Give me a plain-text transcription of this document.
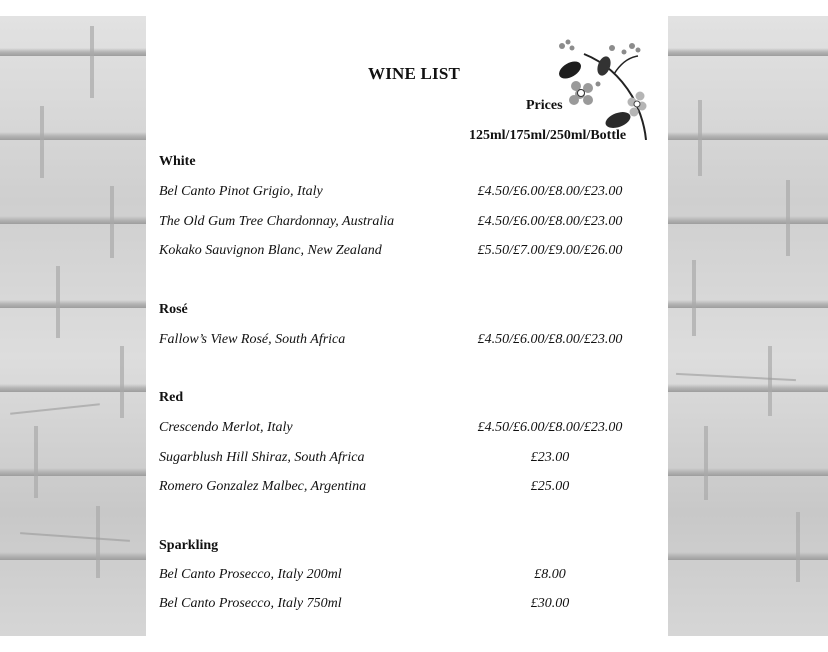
WINE LIST
Prices
125ml/175ml/250ml/Bottle
White
Bel Canto Pinot Grigio, Italy	£4.50/£6.00/£8.00/£23.00
The Old Gum Tree Chardonnay, Australia	£4.50/£6.00/£8.00/£23.00
Kokako Sauvignon Blanc, New Zealand	£5.50/£7.00/£9.00/£26.00
Rosé
Fallow’s View Rosé, South Africa	£4.50/£6.00/£8.00/£23.00
Red
Crescendo Merlot, Italy	£4.50/£6.00/£8.00/£23.00
Sugarblush Hill Shiraz, South Africa	£23.00
Romero Gonzalez Malbec, Argentina	£25.00
Sparkling
Bel Canto Prosecco, Italy 200ml	£8.00
Bel Canto Prosecco, Italy 750ml	£30.00
